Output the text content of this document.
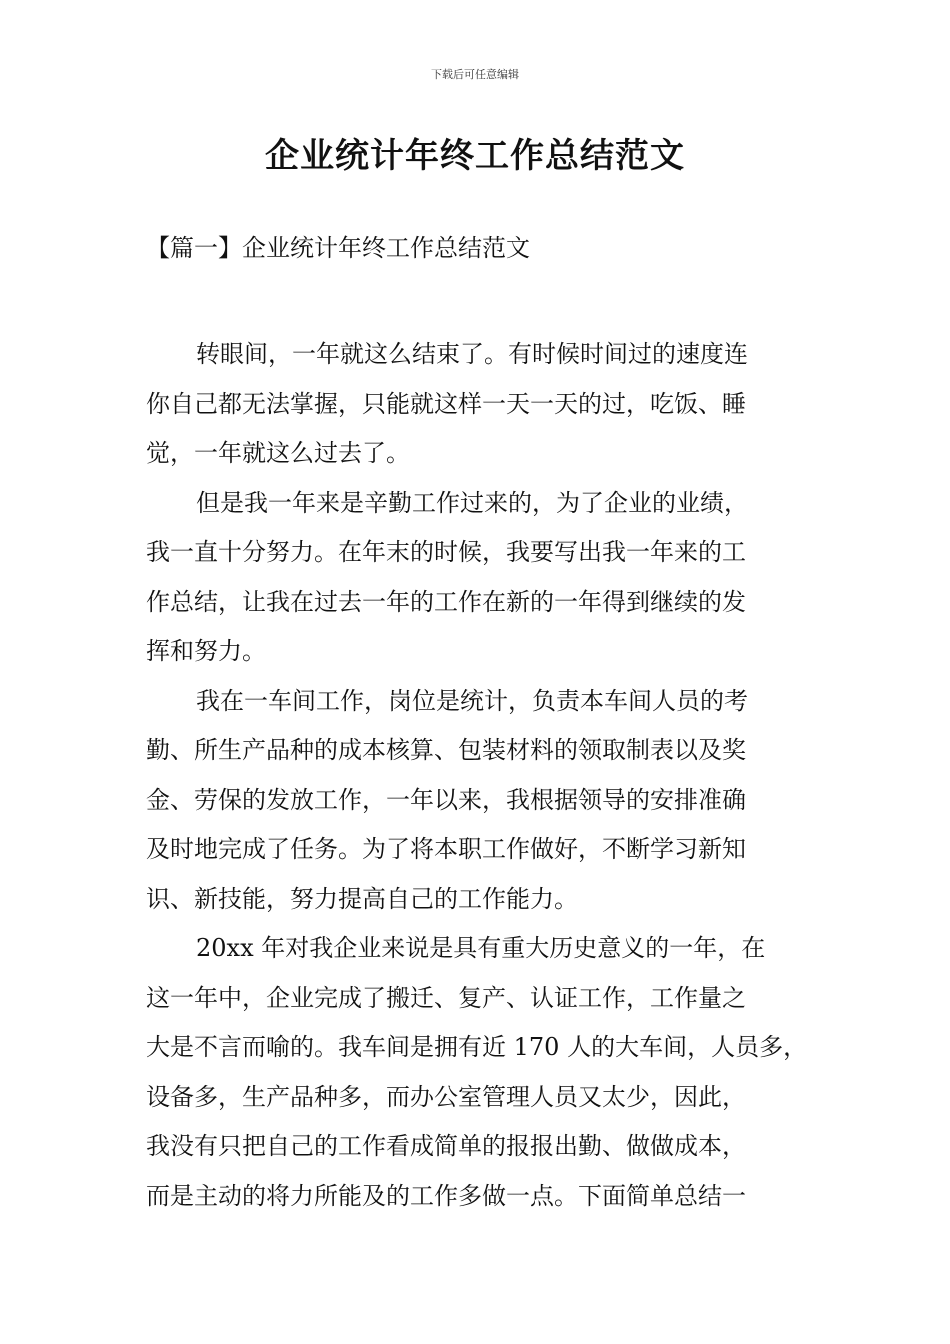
下载后可任意编辑
企业统计年终工作总结范文
【篇一】企业统计年终工作总结范文
转眼间，一年就这么结束了。有时候时间过的速度连
你自己都无法掌握，只能就这样一天一天的过，吃饭、睡
觉，一年就这么过去了。
但是我一年来是辛勤工作过来的，为了企业的业绩，
我一直十分努力。在年末的时候，我要写出我一年来的工
作总结，让我在过去一年的工作在新的一年得到继续的发
挥和努力。
我在一车间工作，岗位是统计，负责本车间人员的考
勤、所生产品种的成本核算、包装材料的领取制表以及奖
金、劳保的发放工作，一年以来，我根据领导的安排准确
及时地完成了任务。为了将本职工作做好，不断学习新知
识、新技能，努力提高自己的工作能力。
20xx 年对我企业来说是具有重大历史意义的一年，在
这一年中，企业完成了搬迁、复产、认证工作，工作量之
大是不言而喻的。我车间是拥有近 170 人的大车间，人员多，
设备多，生产品种多，而办公室管理人员又太少，因此，
我没有只把自己的工作看成简单的报报出勤、做做成本，
而是主动的将力所能及的工作多做一点。下面简单总结一
